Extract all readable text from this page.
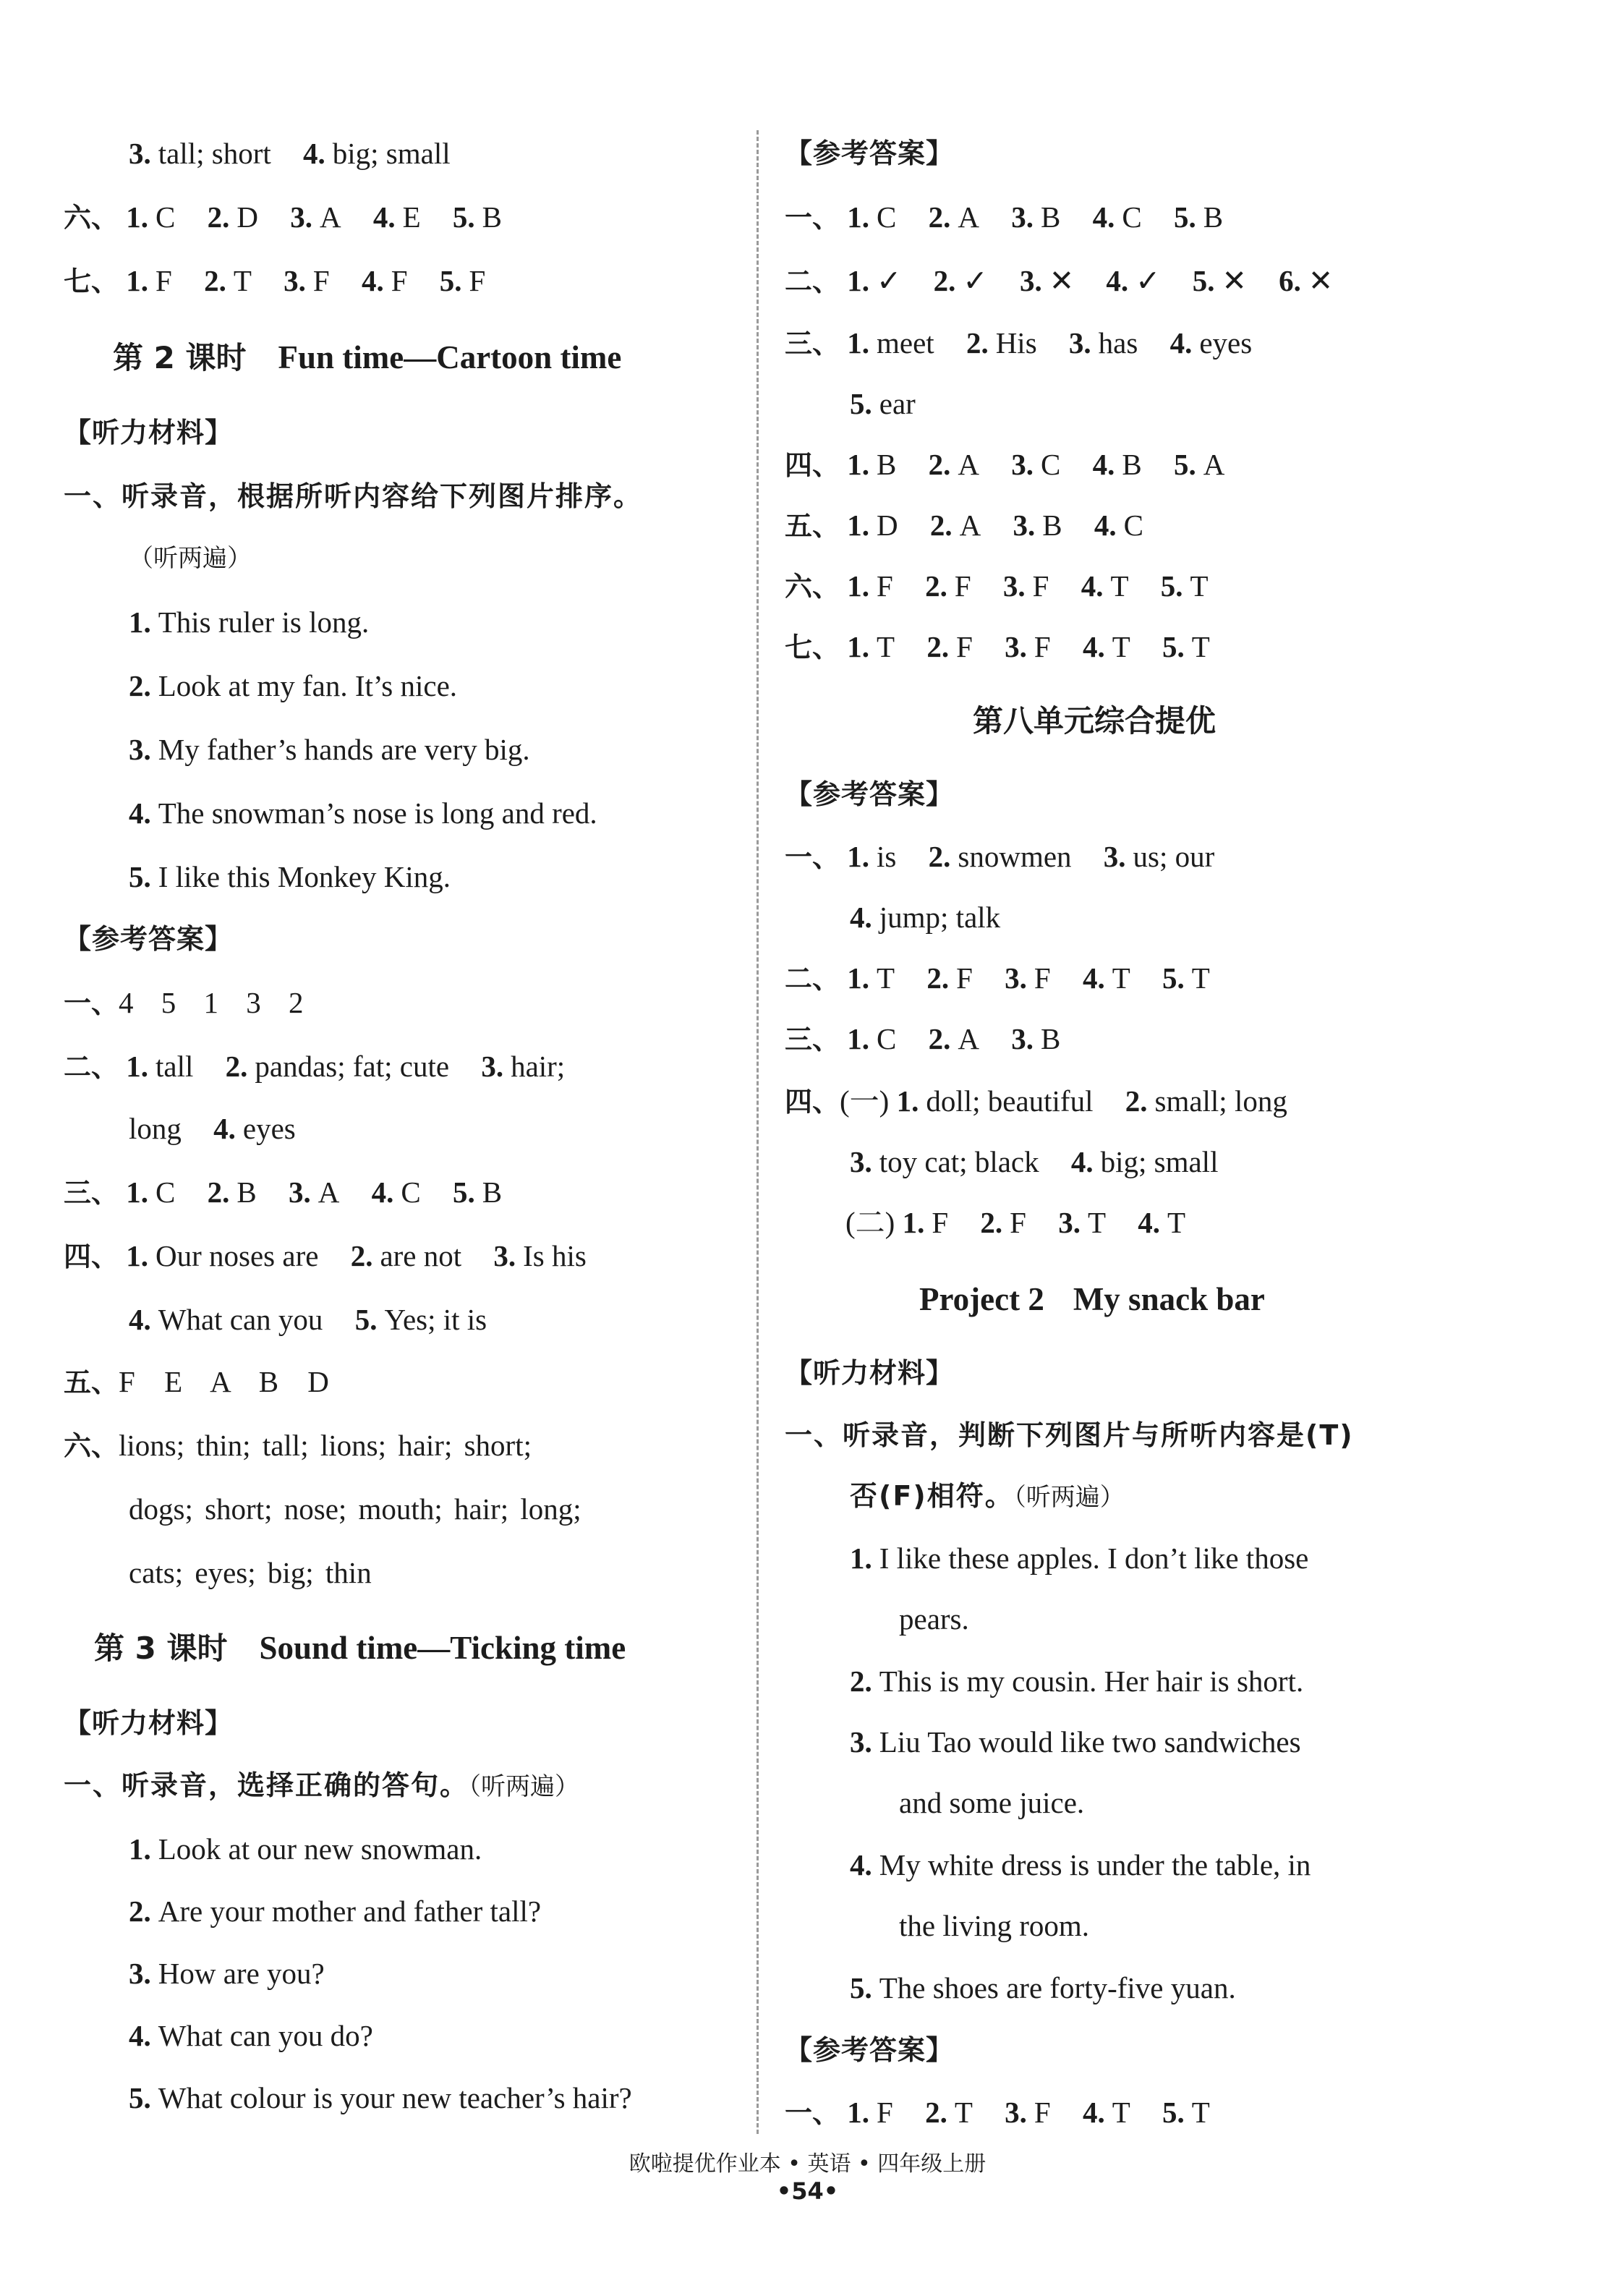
3. tall; short 4. big; small
六、 1. C 2. D 3. A 4. E 5. B
七、 1. F 2. T 3. F 4. F 5. F
第 2 课时 Fun time—Cartoon time
【听力材料】
一、听录音，根据所听内容给下列图片排序。
（听两遍）
1. This ruler is long.
2. Look at my fan. It’s nice.
3. My father’s hands are very big.
4. The snowman’s nose is long and red.
5. I like this Monkey King.
【参考答案】
一、4 5 1 3 2
二、 1. tall 2. pandas; fat; cute 3. hair;
long 4. eyes
三、 1. C 2. B 3. A 4. C 5. B
四、 1. Our noses are 2. are not 3. Is his
4. What can you 5. Yes; it is
五、F E A B D
六、lions; thin; tall; lions; hair; short;
dogs; short; nose; mouth; hair; long;
cats; eyes; big; thin
第 3 课时 Sound time—Ticking time
【听力材料】
一、听录音，选择正确的答句。（听两遍）
1. Look at our new snowman.
2. Are your mother and father tall?
3. How are you?
4. What can you do?
5. What colour is your new teacher’s hair?
【参考答案】
一、 1. C 2. A 3. B 4. C 5. B
二、 1. ✓ 2. ✓ 3. ✕ 4. ✓ 5. ✕ 6. ✕
三、 1. meet 2. His 3. has 4. eyes
5. ear
四、 1. B 2. A 3. C 4. B 5. A
五、 1. D 2. A 3. B 4. C
六、 1. F 2. F 3. F 4. T 5. T
七、 1. T 2. F 3. F 4. T 5. T
第八单元综合提优
【参考答案】
一、 1. is 2. snowmen 3. us; our
4. jump; talk
二、 1. T 2. F 3. F 4. T 5. T
三、 1. C 2. A 3. B
四、(一) 1. doll; beautiful 2. small; long
3. toy cat; black 4. big; small
(二) 1. F 2. F 3. T 4. T
Project 2 My snack bar
【听力材料】
一、听录音，判断下列图片与所听内容是(T)
否(F)相符。（听两遍）
1. I like these apples. I don’t like those
pears.
2. This is my cousin. Her hair is short.
3. Liu Tao would like two sandwiches
and some juice.
4. My white dress is under the table, in
the living room.
5. The shoes are forty-five yuan.
【参考答案】
一、 1. F 2. T 3. F 4. T 5. T
欧啦提优作业本 • 英语 • 四年级上册
•54•
